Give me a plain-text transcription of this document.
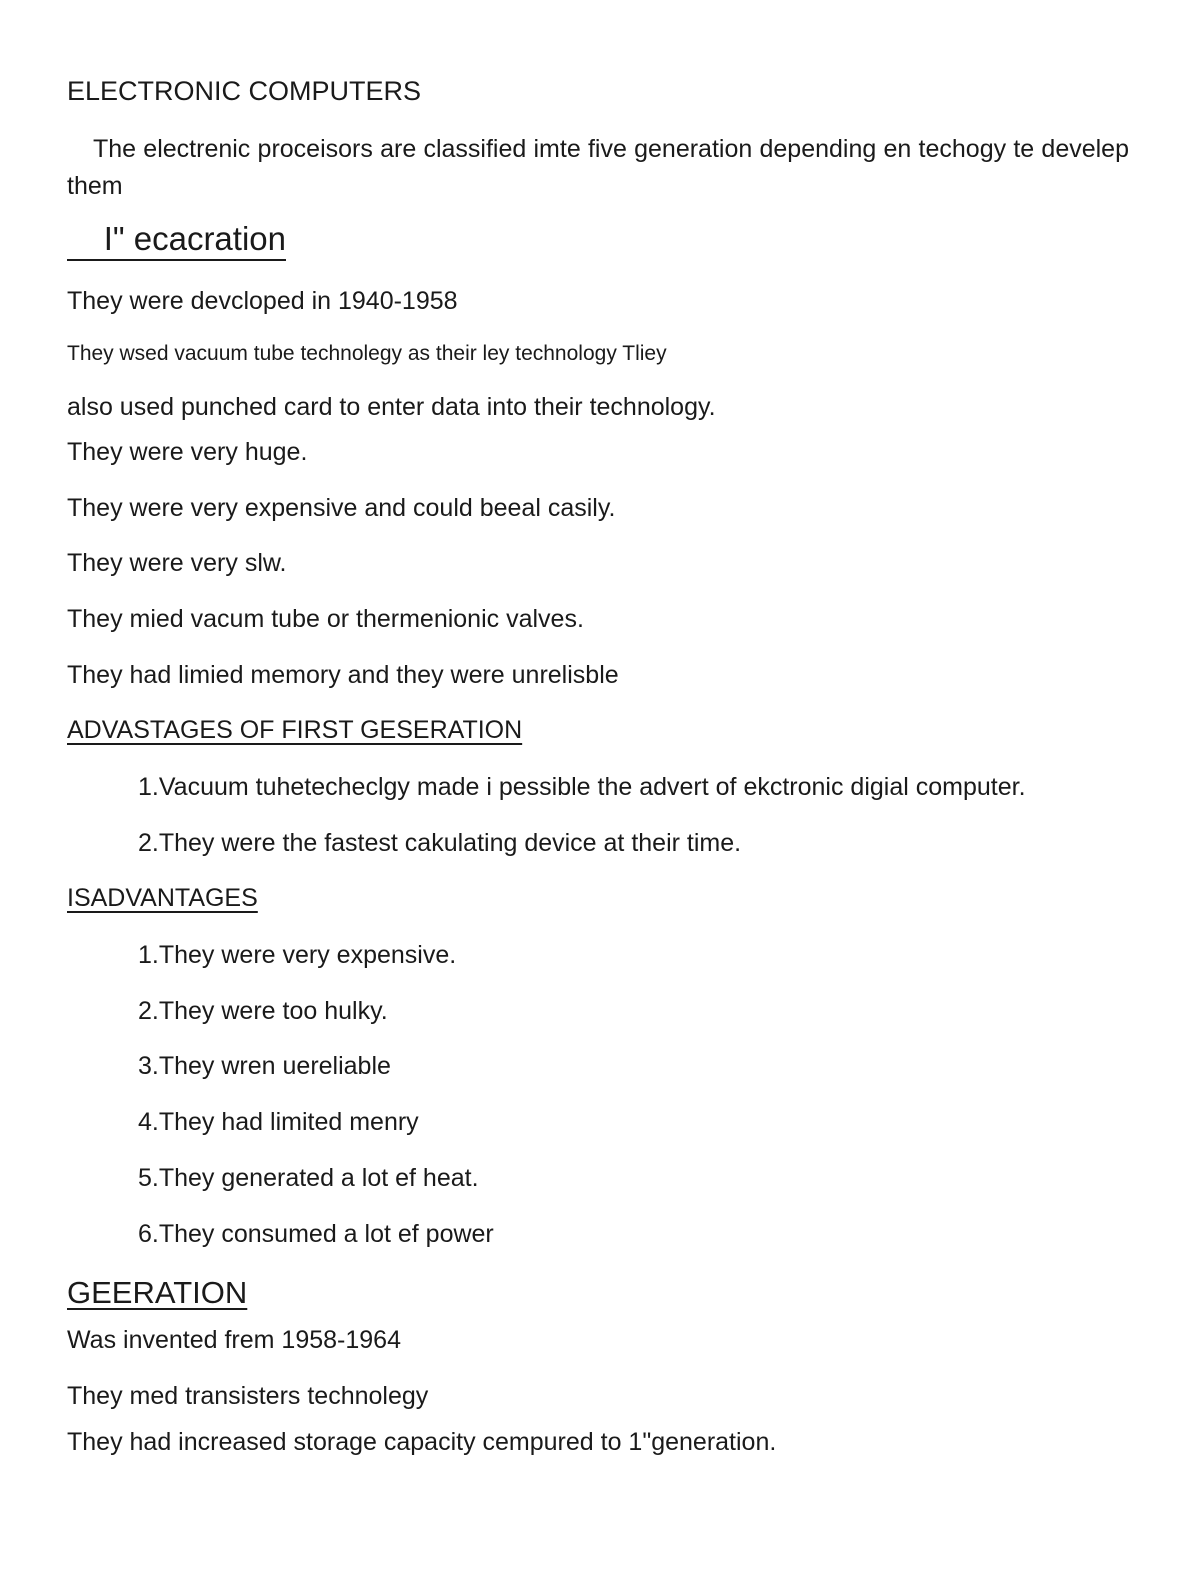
ELECTRONIC COMPUTERS
The electrenic proceisors are classified imte five generation depending en techogy te develep them
I" ecacration
They were devcloped in 1940-1958
They wsed vacuum tube technolegy as their ley technology Tliey
also used punched card to enter data into their technology.
They were very huge.
They were very expensive and could beeal casily.
They were very slw.
They mied vacum tube or thermenionic valves.
They had limied memory and they were unrelisble
ADVASTAGES OF FIRST GESERATION
1.Vacuum tuhetecheclgy made i pessible the advert of ekctronic digial computer.
2.They were the fastest cakulating device at their time.
ISADVANTAGES
1.They were very expensive.
2.They were too hulky.
3.They wren uereliable
4.They had limited menry
5.They generated a lot ef heat.
6.They consumed a lot ef power
GEERATION
Was invented frem 1958-1964
They med transisters technolegy
They had increased storage capacity cempured to 1"generation.
